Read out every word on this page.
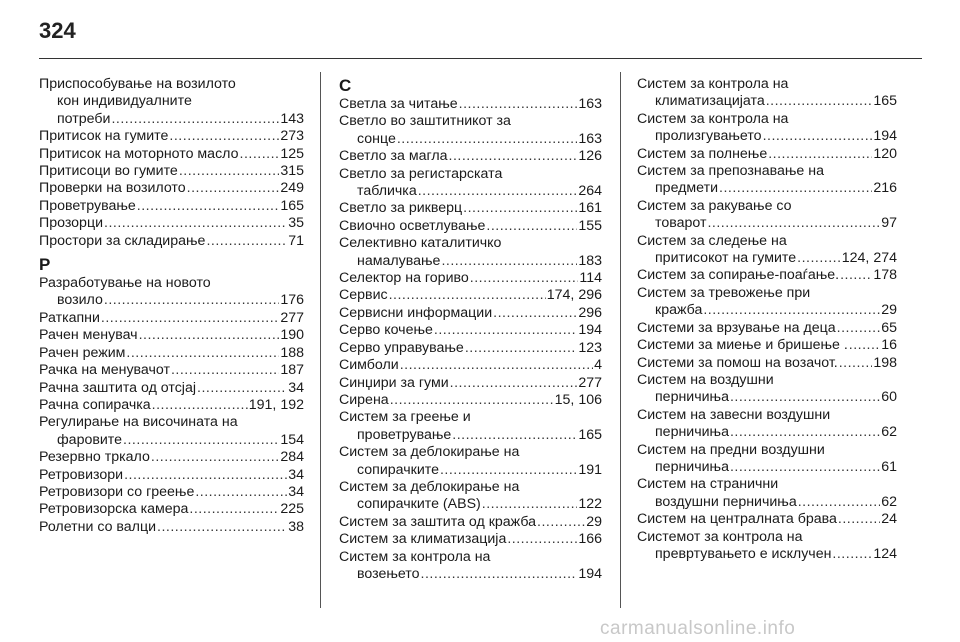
324
Приспособување на возилото
кон индивидуалните
потреби .....	143
Притисок на гумите .....	273
Притисок на моторното масло .....	125
Притисоци во гумите .....	315
Проверки на возилото .....	249
Проветрување .....	165
Прозорци .....	35
Простори за складирање .....	71
Р
Разработување на новото
возило .....	176
Раткапни .....	277
Рачен менувач .....	190
Рачен режим .....	188
Рачка на менувачот .....	187
Рачна заштита од отсјај .....	34
Рачна сопирачка .....	191, 192
Регулирање на височината на
фаровите .....	154
Резервно тркало .....	284
Ретровизори .....	34
Ретровизори со греење .....	34
Ретровизорска камера .....	225
Ролетни со валци .....	38
С
Светла за читање .....	163
Светло во заштитникот за
сонце .....	163
Светло за магла .....	126
Светло за регистарската
табличка .....	264
Светло за рикверц .....	161
Свиочно осветлување .....	155
Селективно каталитичко
намалување .....	183
Селектор на гориво .....	114
Сервис .....	174, 296
Сервисни информации .....	296
Серво кочење .....	194
Серво управување .....	123
Симболи .....	4
Синџири за гуми .....	277
Сирена .....	15, 106
Систем за греење и
проветрување .....	165
Систем за деблокирање на
сопирачките .....	191
Систем за деблокирање на
сопирачките (ABS) .....	122
Систем за заштита од кражба .....	29
Систем за климатизација .....	166
Систем за контрола на
возењето .....	194
Систем за контрола на
климатизацијата .....	165
Систем за контрола на
пролизгувањето .....	194
Систем за полнење .....	120
Систем за препознавање на
предмети .....	216
Систем за ракување со
товарот .....	97
Систем за следење на
притисокот на гумите .....	124, 274
Систем за сопирање-поаѓање. ..... 178
Систем за тревожење при
кражба .....	29
Системи за врзување на деца .....	65
Системи за миење и бришење . ..... 16
Системи за помош на возачот. .....	198
Систем на воздушни
перничиња .....	60
Систем на завесни воздушни
перничиња .....	62
Систем на предни воздушни
перничиња .....	61
Систем на странични
воздушни перничиња .....	62
Систем на централната брава .....	24
Системот за контрола на
превртувањето е исклучен .....	124
carmanualsonline.info
